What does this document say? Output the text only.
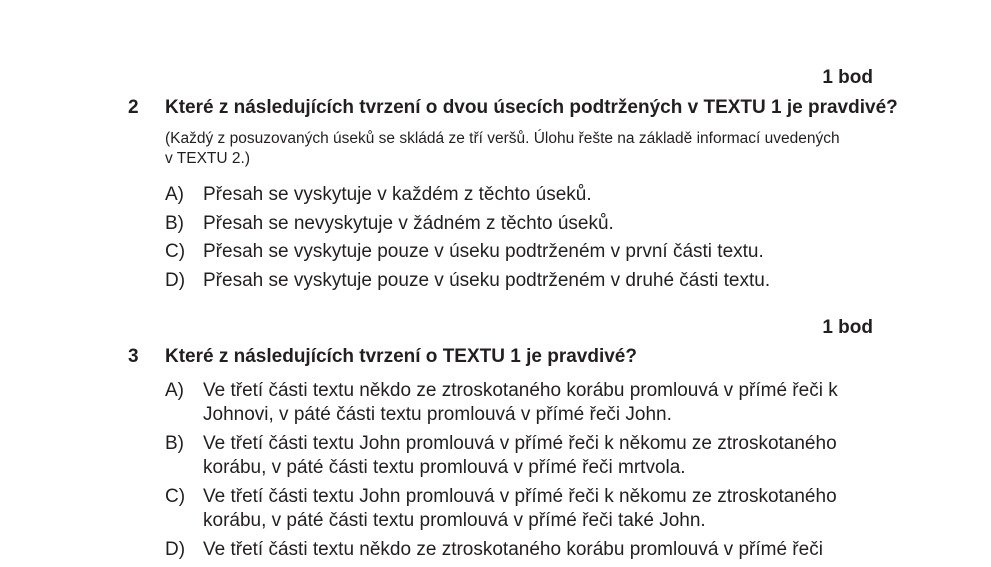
1 bod
2 Které z následujících tvrzení o dvou úsecích podtržených v TEXTU 1 je pravdivé?
(Každý z posuzovaných úseků se skládá ze tří veršů. Úlohu řešte na základě informací uvedených v TEXTU 2.)
A)	Přesah se vyskytuje v každém z těchto úseků.
B)	Přesah se nevyskytuje v žádném z těchto úseků.
C) Přesah se vyskytuje pouze v úseku podtrženém v první části textu.
D) Přesah se vyskytuje pouze v úseku podtrženém v druhé části textu.
1 bod
3 Které z následujících tvrzení o TEXTU 1 je pravdivé?
A)	Ve třetí části textu někdo ze ztroskotaného korábu promlouvá v přímé řeči k Johnovi, v páté části textu promlouvá v přímé řeči John.
B)	Ve třetí části textu John promlouvá v přímé řeči k někomu ze ztroskotaného korábu, v páté části textu promlouvá v přímé řeči mrtvola.
C) Ve třetí části textu John promlouvá v přímé řeči k někomu ze ztroskotaného korábu, v páté části textu promlouvá v přímé řeči také John.
D) Ve třetí části textu někdo ze ztroskotaného korábu promlouvá v přímé řeči
